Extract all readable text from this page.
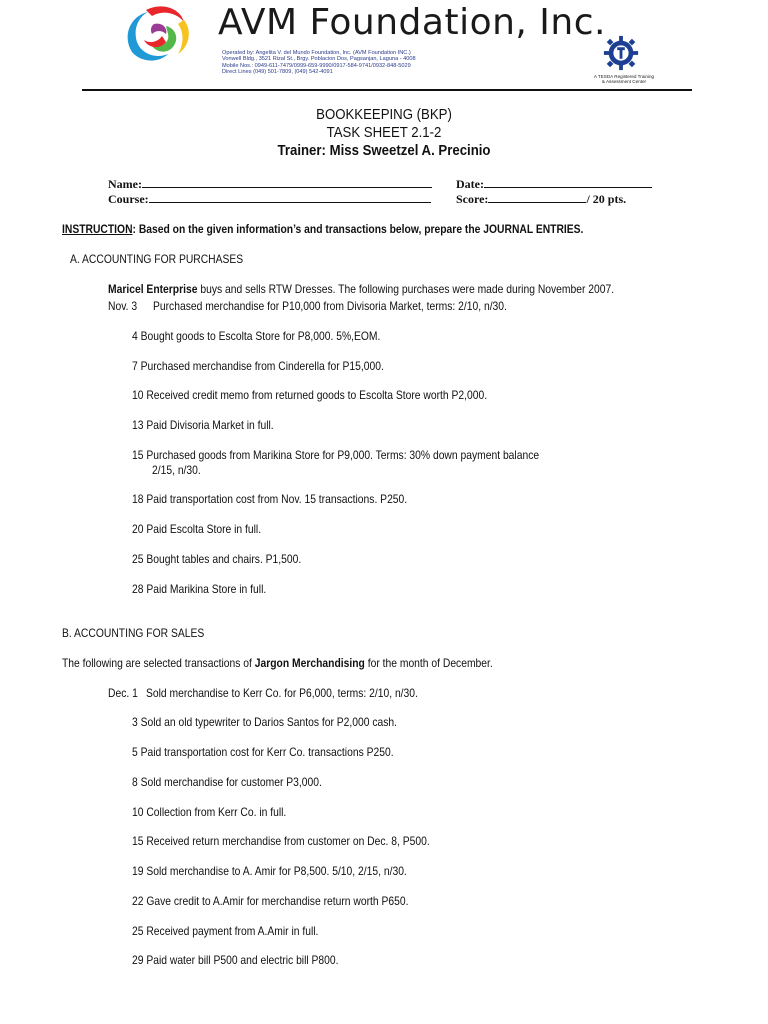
AVM Foundation, Inc.
Operated by: Angelita V. del Mundo Foundation, Inc. (AVM Foundation INC.)
Vonwell Bldg., 3521 Rizal St., Brgy. Poblacion Dos, Pagsanjan, Laguna - 4008
Mobile Nos.: 0949-611-7479/0999-659-9990/0917-584-9741/0932-848-5029
Direct Lines (049) 501-7809, (049) 542-4091
A TESDA Registered Training
& Assessment Center
BOOKKEEPING (BKP)
TASK SHEET 2.1-2
Trainer: Miss Sweetzel A. Precinio
Name:	Date:
Course:	Score:	/ 20 pts.
INSTRUCTION: Based on the given information’s and transactions below, prepare the JOURNAL ENTRIES.
A. ACCOUNTING FOR PURCHASES
Maricel Enterprise buys and sells RTW Dresses. The following purchases were made during November 2007.
Nov. 3 Purchased merchandise for P10,000 from Divisoria Market, terms: 2/10, n/30.
4 Bought goods to Escolta Store for P8,000. 5%,EOM.
7 Purchased merchandise from Cinderella for P15,000.
10 Received credit memo from returned goods to Escolta Store worth P2,000.
13 Paid Divisoria Market in full.
15 Purchased goods from Marikina Store for P9,000. Terms: 30% down payment balance
2/15, n/30.
18 Paid transportation cost from Nov. 15 transactions. P250.
20 Paid Escolta Store in full.
25 Bought tables and chairs. P1,500.
28 Paid Marikina Store in full.
B. ACCOUNTING FOR SALES
The following are selected transactions of Jargon Merchandising for the month of December.
Dec. 1 Sold merchandise to Kerr Co. for P6,000, terms: 2/10, n/30.
3 Sold an old typewriter to Darios Santos for P2,000 cash.
5 Paid transportation cost for Kerr Co. transactions P250.
8 Sold merchandise for customer P3,000.
10 Collection from Kerr Co. in full.
15 Received return merchandise from customer on Dec. 8, P500.
19 Sold merchandise to A. Amir for P8,500. 5/10, 2/15, n/30.
22 Gave credit to A.Amir for merchandise return worth P650.
25 Received payment from A.Amir in full.
29 Paid water bill P500 and electric bill P800.
